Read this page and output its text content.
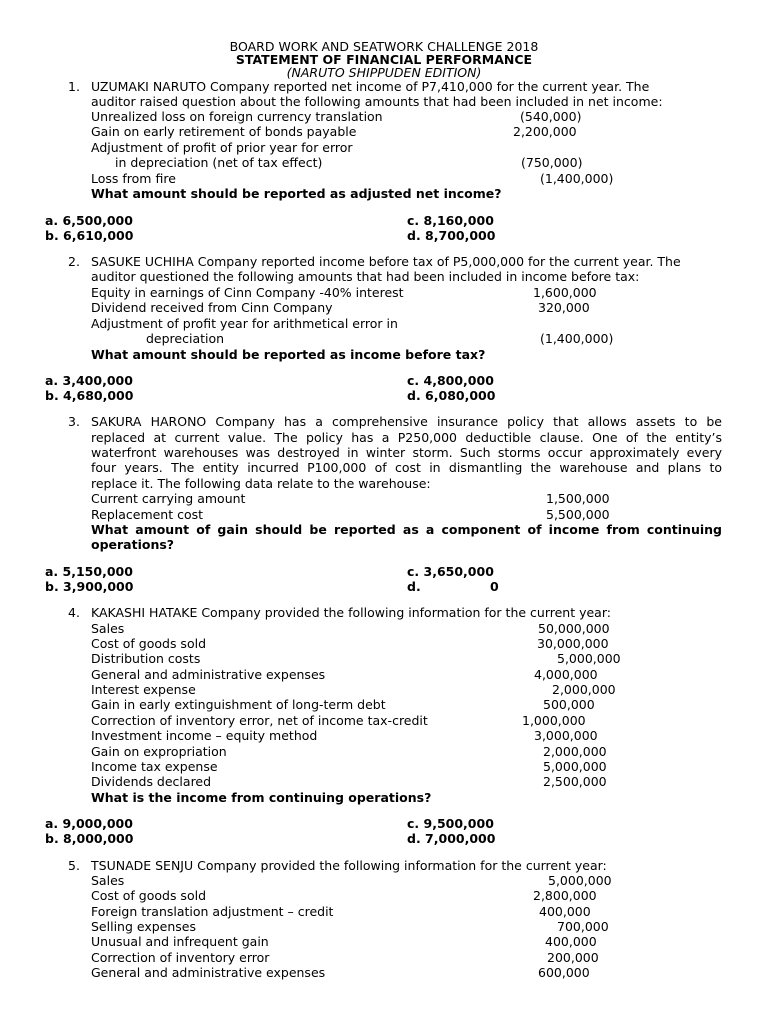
BOARD WORK AND SEATWORK CHALLENGE 2018
STATEMENT OF FINANCIAL PERFORMANCE
(NARUTO SHIPPUDEN EDITION)
1. UZUMAKI NARUTO Company reported net income of P7,410,000 for the current year. The
auditor raised question about the following amounts that had been included in net income:
Unrealized loss on foreign currency translation	(540,000)
Gain on early retirement of bonds payable	2,200,000
Adjustment of profit of prior year for error
in depreciation (net of tax effect)	(750,000)
Loss from fire	(1,400,000)
What amount should be reported as adjusted net income?
a. 6,500,000
b. 6,610,000
c. 8,160,000
d. 8,700,000
2. SASUKE UCHIHA Company reported income before tax of P5,000,000 for the current year. The
auditor questioned the following amounts that had been included in income before tax:
Equity in earnings of Cinn Company -40% interest	1,600,000
Dividend received from Cinn Company	320,000
Adjustment of profit year for arithmetical error in
depreciation	(1,400,000)
What amount should be reported as income before tax?
a. 3,400,000
b. 4,680,000
c. 4,800,000
d. 6,080,000
3. SAKURA HARONO Company has a comprehensive insurance policy that allows assets to be
replaced at current value. The policy has a P250,000 deductible clause. One of the entity’s
waterfront warehouses was destroyed in winter storm. Such storms occur approximately every
four years. The entity incurred P100,000 of cost in dismantling the warehouse and plans to
replace it. The following data relate to the warehouse:
Current carrying amount	1,500,000
Replacement cost	5,500,000
What amount of gain should be reported as a component of income from continuing
operations?
a. 5,150,000
b. 3,900,000
c. 3,650,000
d.	0
4. KAKASHI HATAKE Company provided the following information for the current year:
Sales	50,000,000
Cost of goods sold	30,000,000
Distribution costs	5,000,000
General and administrative expenses	4,000,000
Interest expense	2,000,000
Gain in early extinguishment of long-term debt	500,000
Correction of inventory error, net of income tax-credit	1,000,000
Investment income – equity method	3,000,000
Gain on expropriation	2,000,000
Income tax expense	5,000,000
Dividends declared	2,500,000
What is the income from continuing operations?
a. 9,000,000
b. 8,000,000
c. 9,500,000
d. 7,000,000
5. TSUNADE SENJU Company provided the following information for the current year:
Sales	5,000,000
Cost of goods sold	2,800,000
Foreign translation adjustment – credit	400,000
Selling expenses	700,000
Unusual and infrequent gain	400,000
Correction of inventory error	200,000
General and administrative expenses	600,000
